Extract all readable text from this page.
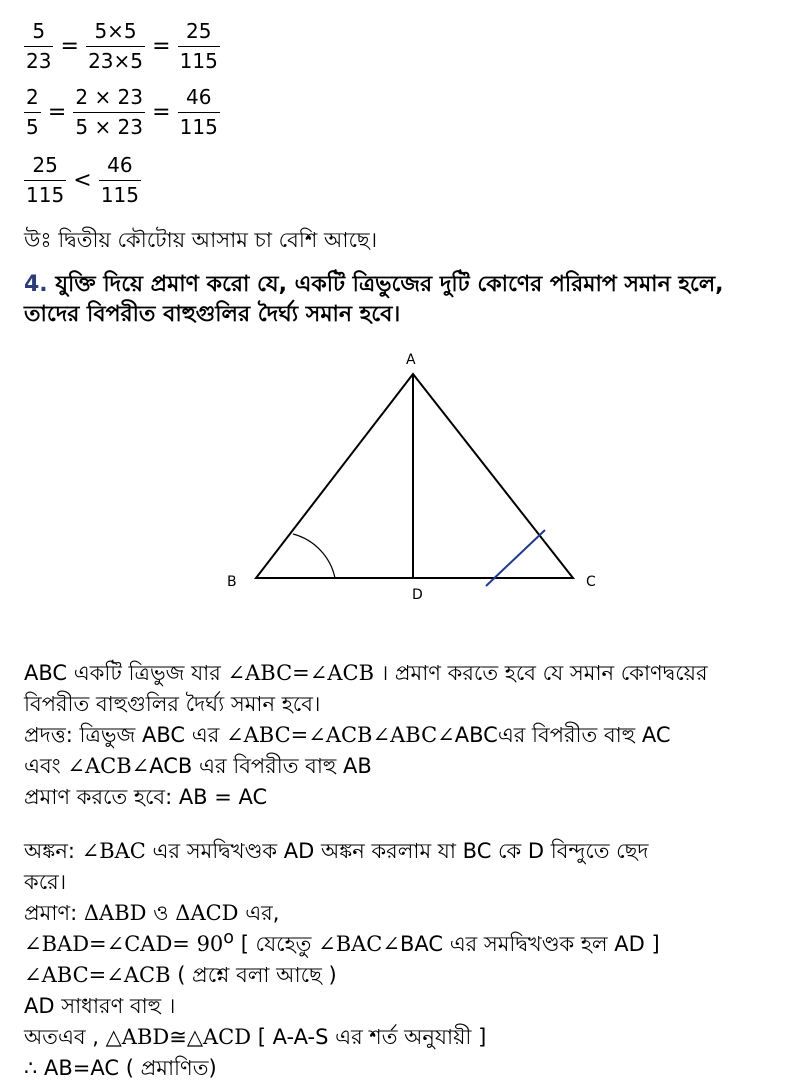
$\frac{5}{23} = \frac{5\times 5}{23\times 5} = \frac{25}{115}$
$\frac{2}{5} = \frac{2 \times 23}{5 \times 23} = \frac{46}{115}$
$\frac{25}{115} < \frac{46}{115}$
উঃ দ্বিতীয় কৌটোয় আসাম চা বেশি আছে।
4. যুক্তি দিয়ে প্রমাণ করো যে, একটি ত্রিভুজের দুটি কোণের পরিমাপ সমান হলে, তাদের বিপরীত বাহুগুলির দৈর্ঘ্য সমান হবে।
A
B	C
D
ABC একটি ত্রিভুজ যার ∠ABC=∠ACB । প্রমাণ করতে হবে যে সমান কোণদ্বয়ের
বিপরীত বাহুগুলির দৈর্ঘ্য সমান হবে।
প্রদত্ত: ত্রিভুজ ABC এর ∠ABC=∠ACB∠ABC∠ABCএর বিপরীত বাহু AC
এবং ∠ACB∠ACB এর বিপরীত বাহু AB
প্রমাণ করতে হবে: AB = AC
অঙ্কন: ∠BAC এর সমদ্বিখণ্ডক AD অঙ্কন করলাম যা BC কে D বিন্দুতে ছেদ
করে।
প্রমাণ: ΔABD ও ΔACD এর,
∠BAD=∠CAD= $90^o$ [ যেহেতু ∠BAC∠BAC এর সমদ্বিখণ্ডক হল AD ]
∠ABC=∠ACB ( প্রশ্নে বলা আছে )
AD সাধারণ বাহু ।
অতএব , △ABD≅△ACD [ A-A-S এর শর্ত অনুযায়ী ]
∴ AB=AC ( প্রমাণিত)
